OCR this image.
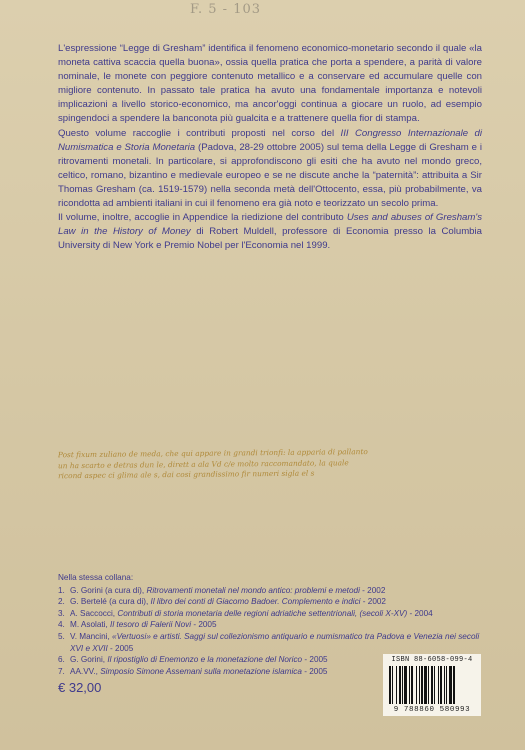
F. 5 - 103

L'espressione “Legge di Gresham” identifica il fenomeno economico-monetario secondo il quale «la moneta cattiva scaccia quella buona», ossia quella pratica che porta a spendere, a parità di valore nominale, le monete con peggiore contenuto metallico e a conservare ed accumulare quelle con migliore contenuto. In passato tale pratica ha avuto una fondamentale importanza e notevoli implicazioni a livello storico-economico, ma ancor'oggi continua a giocare un ruolo, ad esempio spingendoci a spendere la banconota più gualcita e a trattenere quella fior di stampa.

Questo volume raccoglie i contributi proposti nel corso del III Congresso Internazionale di Numismatica e Storia Monetaria (Padova, 28-29 ottobre 2005) sul tema della Legge di Gresham e i ritrovamenti monetali. In particolare, si approfondiscono gli esiti che ha avuto nel mondo greco, celtico, romano, bizantino e medievale europeo e se ne discute anche la “paternità”: attribuita a Sir Thomas Gresham (ca. 1519-1579) nella seconda metà dell'Ottocento, essa, più probabilmente, va ricondotta ad ambienti italiani in cui il fenomeno era già noto e teorizzato un secolo prima.

Il volume, inoltre, accoglie in Appendice la riedizione del contributo Uses and abuses of Gresham's Law in the History of Money di Robert Muldell, professore di Economia presso la Columbia University di New York e Premio Nobel per l'Economia nel 1999.

Post fixum zuliano de meda, che qui appare in grandi trionfi: la apparia di pallanto
un ha scarto e detras dun le, dirett a ala Vd c/e molto raccomandato, la quale
ricond aspec ci glima ale s, dai cosi grandissimo fir numeri sigla el s
Nella stessa collana:
1. G. Gorini (a cura di), Ritrovamenti monetali nel mondo antico: problemi e metodi - 2002
2. G. Bertelé (a cura di), Il libro dei conti di Giacomo Badoer. Complemento e indici - 2002
3. A. Saccocci, Contributi di storia monetaria delle regioni adriatiche settentrionali, (secoli X-XV) - 2004
4. M. Asolati, Il tesoro di Falerii Novi - 2005
5. V. Mancini, «Vertuosi» e artisti. Saggi sul collezionismo antiquario e numismatico tra Padova e Venezia nei secoli XVI e XVII - 2005
6. G. Gorini, Il ripostiglio di Enemonzo e la monetazione del Norico - 2005
7. AA.VV., Simposio Simone Assemani sulla monetazione islamica - 2005
€ 32,00
ISBN 88-6058-099-4
9 788860 580993
